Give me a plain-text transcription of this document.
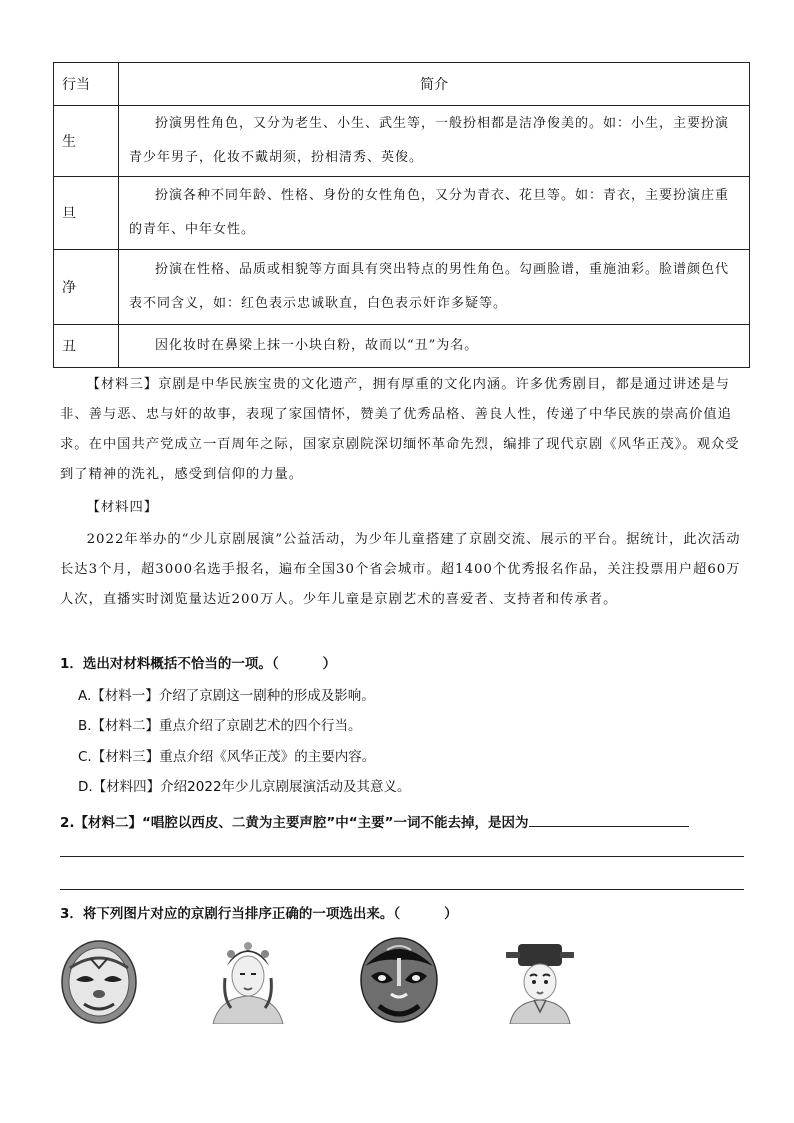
行当	简介
生	扮演男性角色，又分为老生、小生、武生等，一般扮相都是洁净俊美的。如：小生，主要扮演青少年男子，化妆不戴胡须，扮相清秀、英俊。
旦	扮演各种不同年龄、性格、身份的女性角色，又分为青衣、花旦等。如：青衣，主要扮演庄重的青年、中年女性。
净	扮演在性格、品质或相貌等方面具有突出特点的男性角色。勾画脸谱，重施油彩。脸谱颜色代表不同含义，如：红色表示忠诚耿直，白色表示奸诈多疑等。
丑	因化妆时在鼻梁上抹一小块白粉，故而以“丑”为名。
【材料三】京剧是中华民族宝贵的文化遗产，拥有厚重的文化内涵。许多优秀剧目，都是通过讲述是与非、善与恶、忠与奸的故事，表现了家国情怀，赞美了优秀品格、善良人性，传递了中华民族的崇高价值追求。在中国共产党成立一百周年之际，国家京剧院深切缅怀革命先烈，编排了现代京剧《风华正茂》。观众受到了精神的洗礼，感受到信仰的力量。
【材料四】
2022年举办的“少儿京剧展演”公益活动，为少年儿童搭建了京剧交流、展示的平台。据统计，此次活动长达3个月，超3000名选手报名，遍布全国30个省会城市。超1400个优秀报名作品，关注投票用户超60万人次，直播实时浏览量达近200万人。少年儿童是京剧艺术的喜爱者、支持者和传承者。
1．选出对材料概括不恰当的一项。（	）
A.【材料一】介绍了京剧这一剧种的形成及影响。
B.【材料二】重点介绍了京剧艺术的四个行当。
C.【材料三】重点介绍《风华正茂》的主要内容。
D.【材料四】介绍2022年少儿京剧展演活动及其意义。
2.【材料二】“唱腔以西皮、二黄为主要声腔”中“主要”一词不能去掉，是因为
3．将下列图片对应的京剧行当排序正确的一项选出来。（	）
